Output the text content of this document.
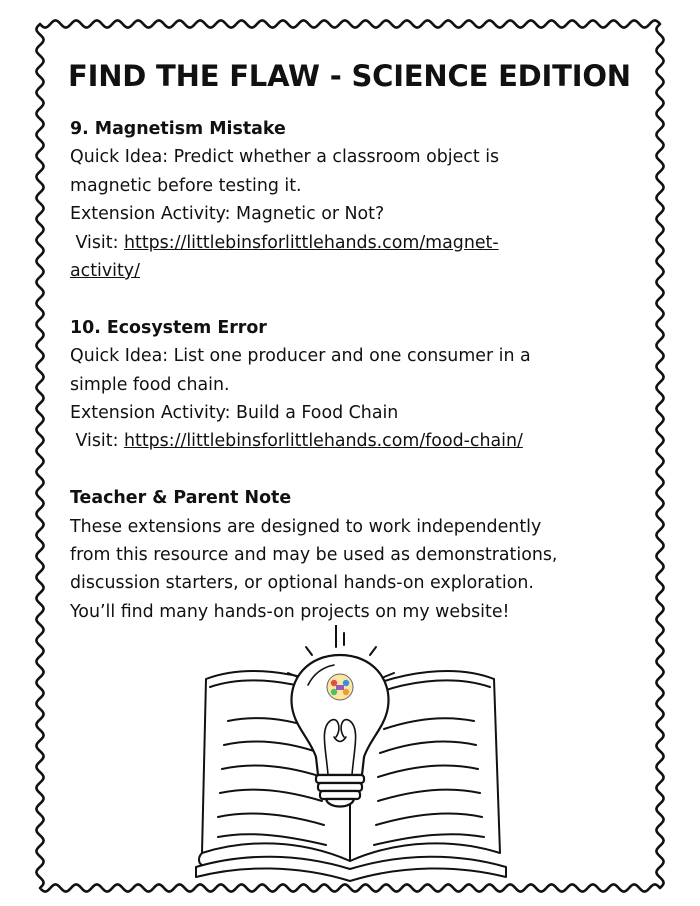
FIND THE FLAW - SCIENCE EDITION

9. Magnetism Mistake

Quick Idea: Predict whether a classroom object is

magnetic before testing it.

Extension Activity: Magnetic or Not?

Visit: https://littlebinsforlittlehands.com/magnet-

activity/

10. Ecosystem Error

Quick Idea: List one producer and one consumer in a

simple food chain.

Extension Activity: Build a Food Chain

Visit: https://littlebinsforlittlehands.com/food-chain/

Teacher & Parent Note

These extensions are designed to work independently

from this resource and may be used as demonstrations,

discussion starters, or optional hands-on exploration.

You’ll find many hands-on projects on my website!
